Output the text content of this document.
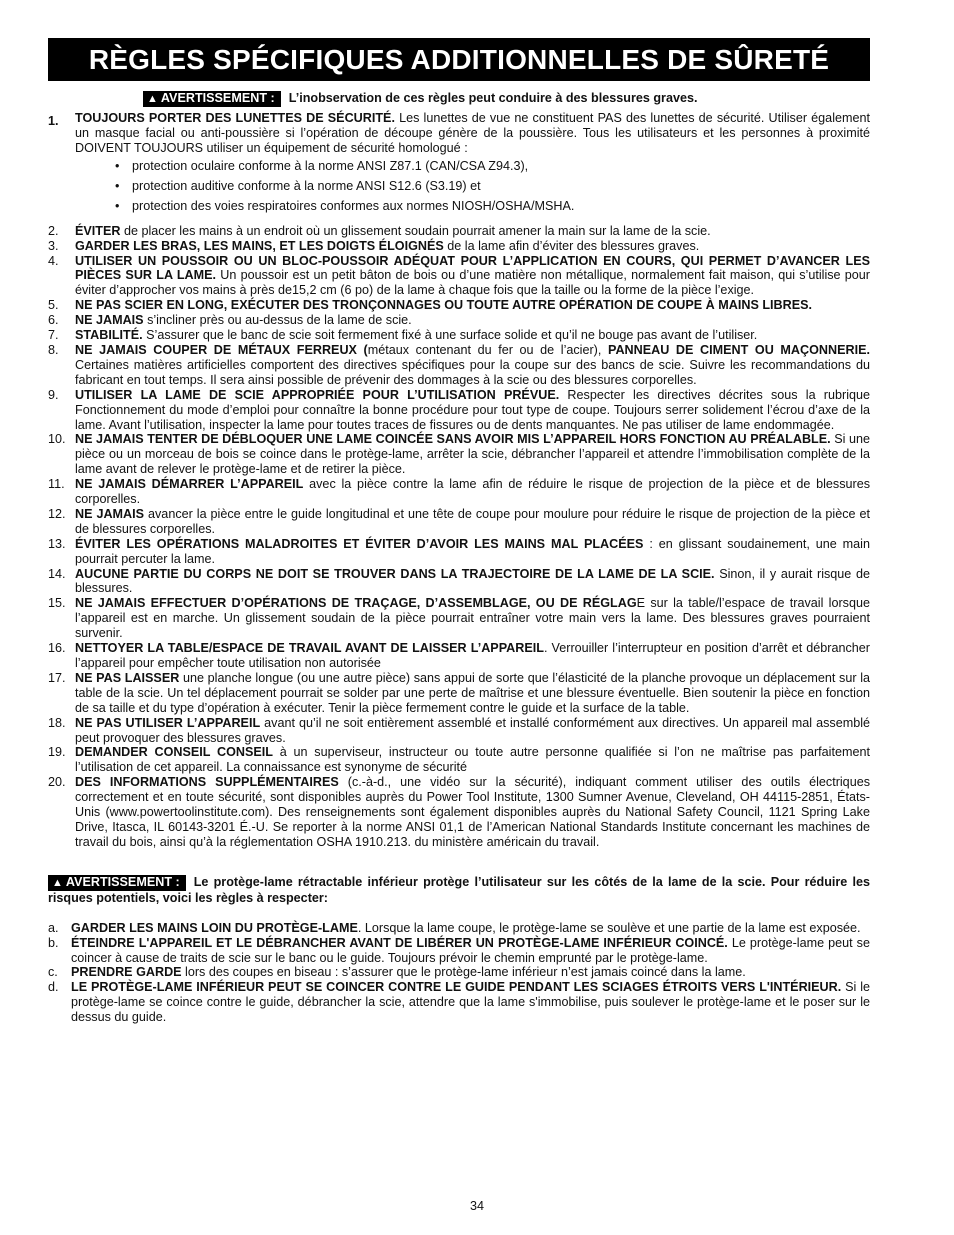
RÈGLES SPÉCIFIQUES ADDITIONNELLES DE SÛRETÉ
▲ AVERTISSEMENT : L’inobservation de ces règles peut conduire à des blessures graves.
1.	TOUJOURS PORTER DES LUNETTES DE SÉCURITÉ. Les lunettes de vue ne constituent PAS des lunettes de sécurité. Utiliser également un masque facial ou anti-poussière si l’opération de découpe génère de la poussière. Tous les utilisateurs et les personnes à proximité DOIVENT TOUJOURS utiliser un équipement de sécurité homologué :
• protection oculaire conforme à la norme ANSI Z87.1 (CAN/CSA Z94.3),
• protection auditive conforme à la norme ANSI S12.6 (S3.19) et
• protection des voies respiratoires conformes aux normes NIOSH/OSHA/MSHA.
2.	ÉVITER de placer les mains à un endroit où un glissement soudain pourrait amener la main sur la lame de la scie.
3.	GARDER LES BRAS, LES MAINS, ET LES DOIGTS ÉLOIGNÉS de la lame afin d’éviter des blessures graves.
4.	UTILISER UN POUSSOIR OU UN BLOC-POUSSOIR ADÉQUAT POUR L’APPLICATION EN COURS, QUI PERMET D’AVANCER LES PIÈCES SUR LA LAME. Un poussoir est un petit bâton de bois ou d’une matière non métallique, normalement fait maison, qui s’utilise pour éviter d’approcher vos mains à près de15,2 cm (6 po) de la lame à chaque fois que la taille ou la forme de la pièce l’exige.
5.	NE PAS SCIER EN LONG, EXÉCUTER DES TRONÇONNAGES OU TOUTE AUTRE OPÉRATION DE COUPE À MAINS LIBRES.
6.	NE JAMAIS s’incliner près ou au-dessus de la lame de scie.
7.	STABILITÉ. S’assurer que le banc de scie soit fermement fixé à une surface solide et qu’il ne bouge pas avant de l’utiliser.
8.	NE JAMAIS COUPER DE MÉTAUX FERREUX (métaux contenant du fer ou de l’acier), PANNEAU DE CIMENT OU MAÇONNERIE. Certaines matières artificielles comportent des directives spécifiques pour la coupe sur des bancs de scie. Suivre les recommandations du fabricant en tout temps. Il sera ainsi possible de prévenir des dommages à la scie ou des blessures corporelles.
9.	UTILISER LA LAME DE SCIE APPROPRIÉE POUR L’UTILISATION PRÉVUE. Respecter les directives décrites sous la rubrique Fonctionnement du mode d’emploi pour connaître la bonne procédure pour tout type de coupe. Toujours serrer solidement l’écrou d’axe de la lame. Avant l’utilisation, inspecter la lame pour toutes traces de fissures ou de dents manquantes. Ne pas utiliser de lame endommagée.
10. NE JAMAIS TENTER DE DÉBLOQUER UNE LAME COINCÉE SANS AVOIR MIS L’APPAREIL HORS FONCTION AU PRÉALABLE. Si une pièce ou un morceau de bois se coince dans le protège-lame, arrêter la scie, débrancher l’appareil et attendre l’immobilisation complète de la lame avant de relever le protège-lame et de retirer la pièce.
11. NE JAMAIS DÉMARRER L’APPAREIL avec la pièce contre la lame afin de réduire le risque de projection de la pièce et de blessures corporelles.
12. NE JAMAIS avancer la pièce entre le guide longitudinal et une tête de coupe pour moulure pour réduire le risque de projection de la pièce et de blessures corporelles.
13. ÉVITER LES OPÉRATIONS MALADROITES ET ÉVITER D’AVOIR LES MAINS MAL PLACÉES : en glissant soudainement, une main pourrait percuter la lame.
14. AUCUNE PARTIE DU CORPS NE DOIT SE TROUVER DANS LA TRAJECTOIRE DE LA LAME DE LA SCIE. Sinon, il y aurait risque de blessures.
15. NE JAMAIS EFFECTUER D’OPÉRATIONS DE TRAÇAGE, D’ASSEMBLAGE, OU DE RÉGLAGE sur la table/l’espace de travail lorsque l’appareil est en marche. Un glissement soudain de la pièce pourrait entraîner votre main vers la lame. Des blessures graves pourraient survenir.
16. NETTOYER LA TABLE/ESPACE DE TRAVAIL AVANT DE LAISSER L’APPAREIL. Verrouiller l’interrupteur en position d’arrêt et débrancher l’appareil pour empêcher toute utilisation non autorisée
17. NE PAS LAISSER une planche longue (ou une autre pièce) sans appui de sorte que l’élasticité de la planche provoque un déplacement sur la table de la scie. Un tel déplacement pourrait se solder par une perte de maîtrise et une blessure éventuelle. Bien soutenir la pièce en fonction de sa taille et du type d’opération à exécuter. Tenir la pièce fermement contre le guide et la surface de la table.
18. NE PAS UTILISER L’APPAREIL avant qu’il ne soit entièrement assemblé et installé conformément aux directives. Un appareil mal assemblé peut provoquer des blessures graves.
19. DEMANDER CONSEIL CONSEIL à un superviseur, instructeur ou toute autre personne qualifiée si l’on ne maîtrise pas parfaitement l’utilisation de cet appareil. La connaissance est synonyme de sécurité
20. DES INFORMATIONS SUPPLÉMENTAIRES (c.-à-d., une vidéo sur la sécurité), indiquant comment utiliser des outils électriques correctement et en toute sécurité, sont disponibles auprès du Power Tool Institute, 1300 Sumner Avenue, Cleveland, OH 44115-2851, États-Unis (www.powertoolinstitute.com). Des renseignements sont également disponibles auprès du National Safety Council, 1121 Spring Lake Drive, Itasca, IL 60143-3201 É.-U. Se reporter à la norme ANSI 01,1 de l’American National Standards Institute concernant les machines de travail du bois, ainsi qu’à la réglementation OSHA 1910.213. du ministère américain du travail.
▲ AVERTISSEMENT : Le protège-lame rétractable inférieur protège l’utilisateur sur les côtés de la lame de la scie. Pour réduire les risques potentiels, voici les règles à respecter:
a. GARDER LES MAINS LOIN DU PROTÈGE-LAME. Lorsque la lame coupe, le protège-lame se soulève et une partie de la lame est exposée.
b. ÉTEINDRE L'APPAREIL ET LE DÉBRANCHER AVANT DE LIBÉRER UN PROTÈGE-LAME INFÉRIEUR COINCÉ. Le protège-lame peut se coincer à cause de traits de scie sur le banc ou le guide. Toujours prévoir le chemin emprunté par le protège-lame.
c.	PRENDRE GARDE lors des coupes en biseau : s’assurer que le protège-lame inférieur n’est jamais coincé dans la lame.
d. LE PROTÈGE-LAME INFÉRIEUR PEUT SE COINCER CONTRE LE GUIDE PENDANT LES SCIAGES ÉTROITS VERS L'INTÉRIEUR. Si le protège-lame se coince contre le guide, débrancher la scie, attendre que la lame s'immobilise, puis soulever le protège-lame et le poser sur le dessus du guide.
34
